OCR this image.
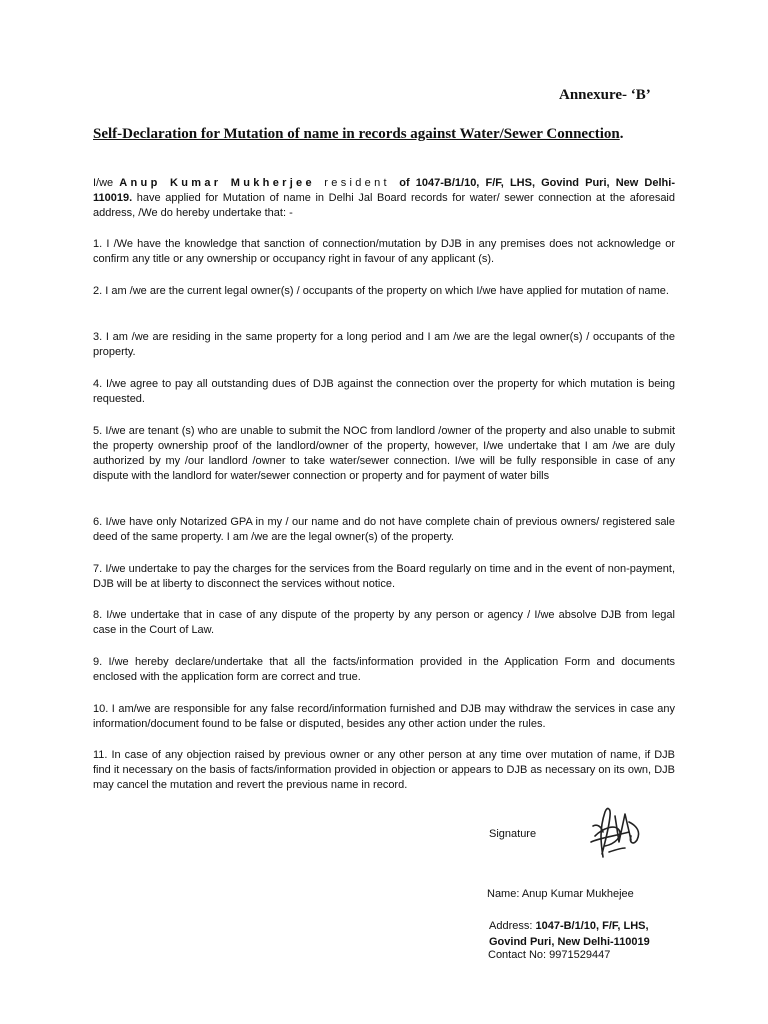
Annexure- ‘B’
Self-Declaration for Mutation of name in records against Water/Sewer Connection.
I/we Anup Kumar Mukherjee resident of 1047-B/1/10, F/F, LHS, Govind Puri, New Delhi-110019. have applied for Mutation of name in Delhi Jal Board records for water/ sewer connection at the aforesaid address, /We do hereby undertake that: -
1. I /We have the knowledge that sanction of connection/mutation by DJB in any premises does not acknowledge or confirm any title or any ownership or occupancy right in favour of any applicant (s).
2. I am /we are the current legal owner(s) / occupants of the property on which I/we have applied for mutation of name.
3. I am /we are residing in the same property for a long period and I am /we are the legal owner(s) / occupants of the property.
4. I/we agree to pay all outstanding dues of DJB against the connection over the property for which mutation is being requested.
5. I/we are tenant (s) who are unable to submit the NOC from landlord /owner of the property and also unable to submit the property ownership proof of the landlord/owner of the property, however, I/we undertake that I am /we are duly authorized by my /our landlord /owner to take water/sewer connection. I/we will be fully responsible in case of any dispute with the landlord for water/sewer connection or property and for payment of water bills
6. I/we have only Notarized GPA in my / our name and do not have complete chain of previous owners/ registered sale deed of the same property. I am /we are the legal owner(s) of the property.
7. I/we undertake to pay the charges for the services from the Board regularly on time and in the event of non-payment, DJB will be at liberty to disconnect the services without notice.
8. I/we undertake that in case of any dispute of the property by any person or agency / I/we absolve DJB from legal case in the Court of Law.
9. I/we hereby declare/undertake that all the facts/information provided in the Application Form and documents enclosed with the application form are correct and true.
10. I am/we are responsible for any false record/information furnished and DJB may withdraw the services in case any information/document found to be false or disputed, besides any other action under the rules.
11. In case of any objection raised by previous owner or any other person at any time over mutation of name, if DJB find it necessary on the basis of facts/information provided in objection or appears to DJB as necessary on its own, DJB may cancel the mutation and revert the previous name in record.
Signature
Name: Anup Kumar Mukhejee
Address: 1047-B/1/10, F/F, LHS,
Govind Puri, New Delhi-110019
Contact No: 9971529447
